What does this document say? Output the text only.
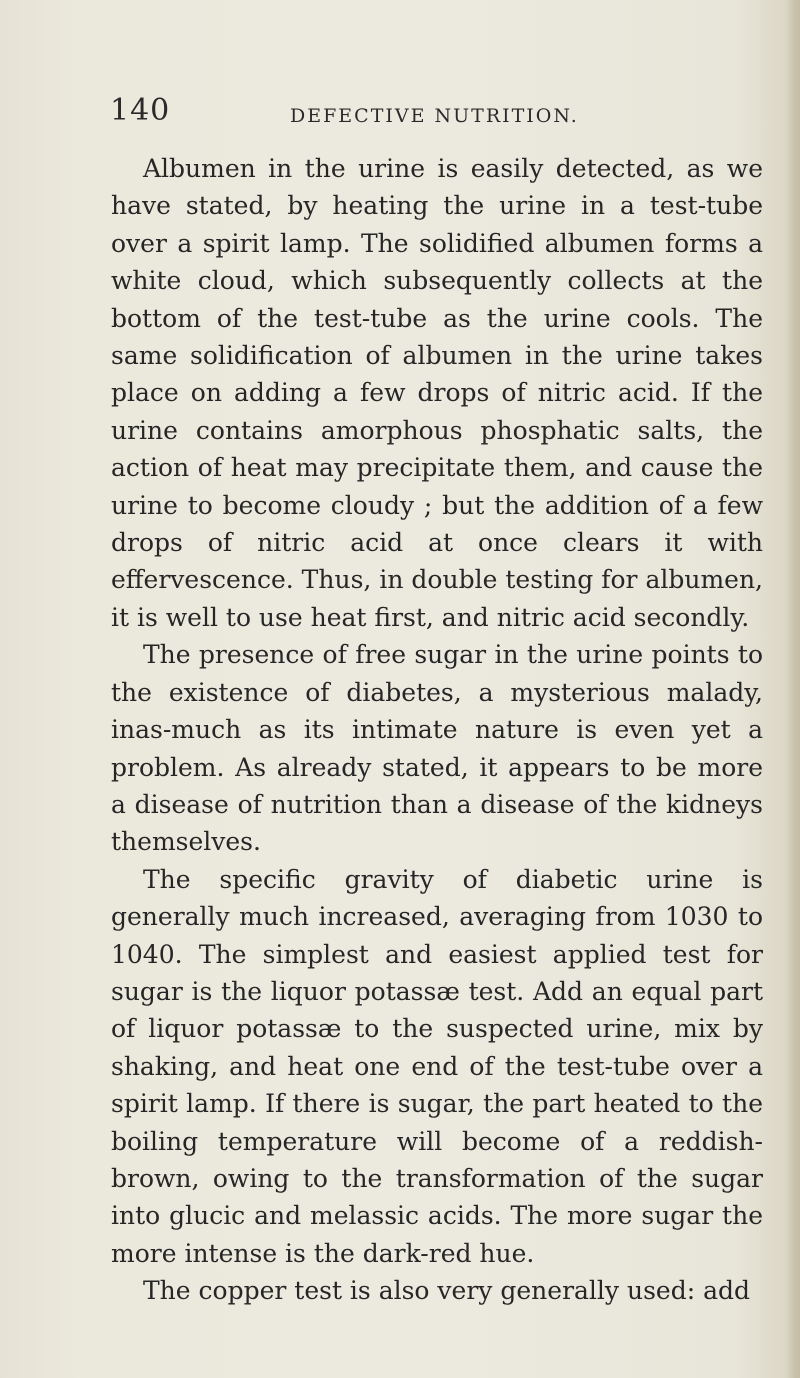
140	DEFECTIVE NUTRITION.

Albumen in the urine is easily detected, as we have stated, by heating the urine in a test-tube over a spirit lamp. The solidified albumen forms a white cloud, which subsequently collects at the bottom of the test-tube as the urine cools. The same solidification of albumen in the urine takes place on adding a few drops of nitric acid. If the urine contains amorphous phosphatic salts, the action of heat may precipitate them, and cause the urine to become cloudy ; but the addition of a few drops of nitric acid at once clears it with effervescence. Thus, in double testing for albumen, it is well to use heat first, and nitric acid secondly.

The presence of free sugar in the urine points to the existence of diabetes, a mysterious malady, inas-much as its intimate nature is even yet a problem. As already stated, it appears to be more a disease of nutrition than a disease of the kidneys themselves.

The specific gravity of diabetic urine is generally much increased, averaging from 1030 to 1040. The simplest and easiest applied test for sugar is the liquor potassæ test. Add an equal part of liquor potassæ to the suspected urine, mix by shaking, and heat one end of the test-tube over a spirit lamp. If there is sugar, the part heated to the boiling temperature will become of a reddish-brown, owing to the transformation of the sugar into glucic and melassic acids. The more sugar the more intense is the dark-red hue.

The copper test is also very generally used: add
